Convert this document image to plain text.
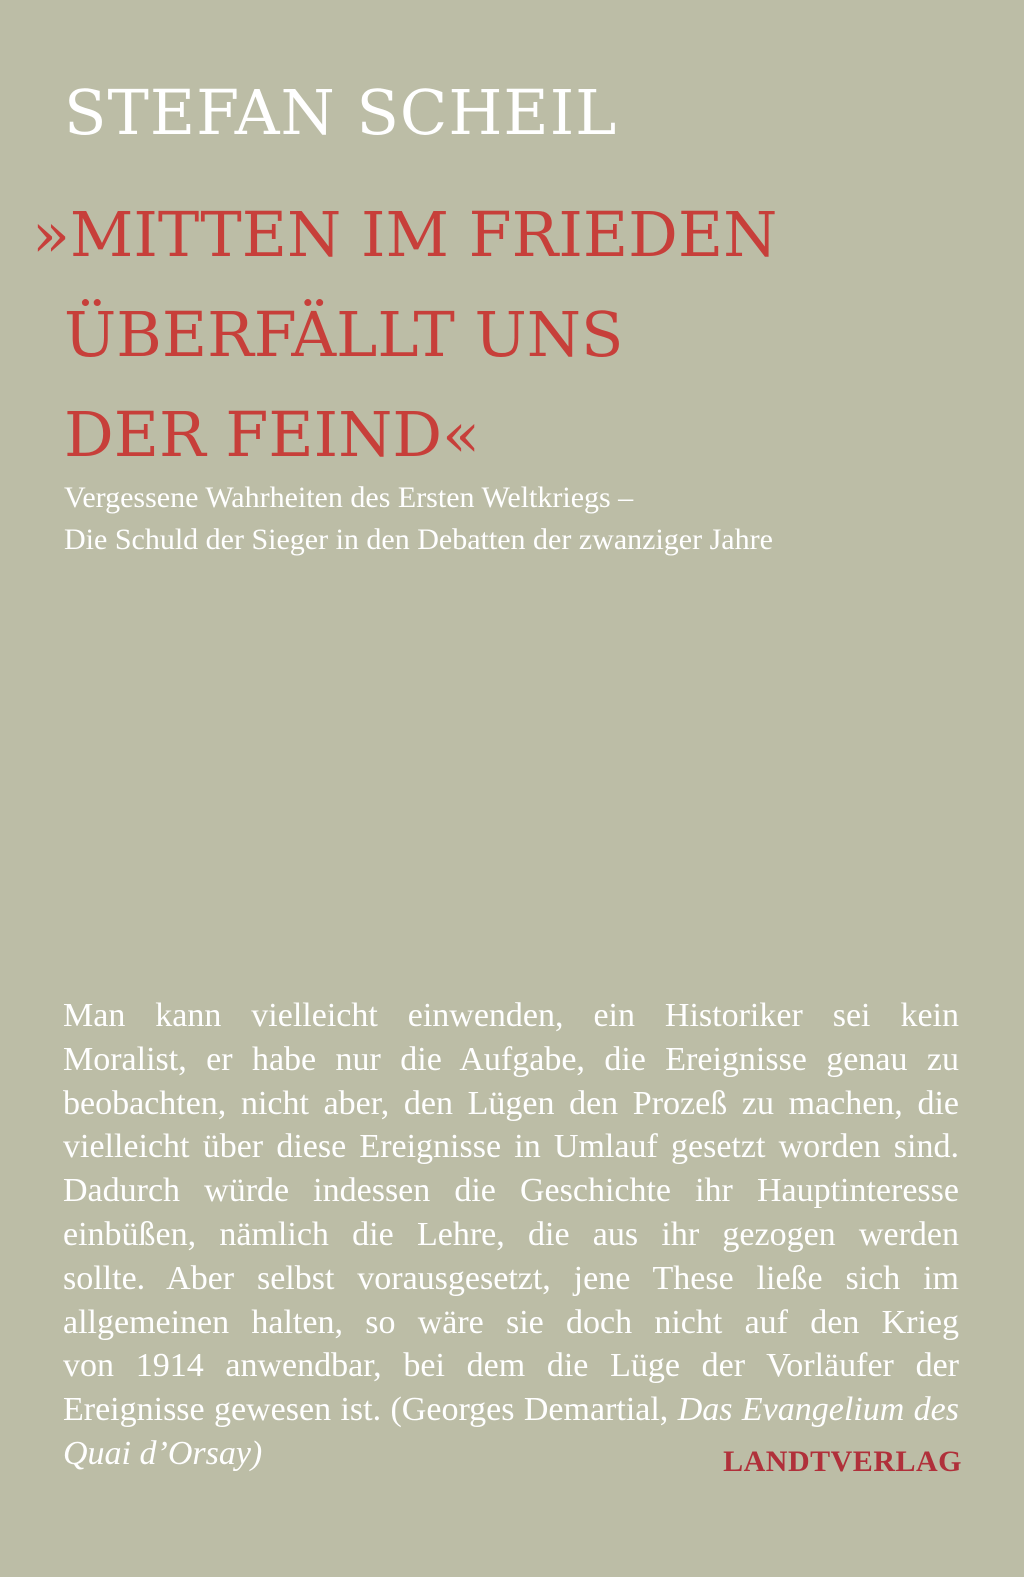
STEFAN SCHEIL
»MITTEN IM FRIEDEN
ÜBERFÄLLT UNS
DER FEIND«
Vergessene Wahrheiten des Ersten Weltkriegs –
Die Schuld der Sieger in den Debatten der zwanziger Jahre
Man kann vielleicht einwenden, ein Historiker sei kein
Moralist, er habe nur die Aufgabe, die Ereignisse genau zu
beobachten, nicht aber, den Lügen den Prozeß zu machen, die
vielleicht über diese Ereignisse in Umlauf gesetzt worden sind.
Dadurch würde indessen die Geschichte ihr Hauptinteresse
einbüßen, nämlich die Lehre, die aus ihr gezogen werden
sollte. Aber selbst vorausgesetzt, jene These ließe sich im
allgemeinen halten, so wäre sie doch nicht auf den Krieg
von 1914 anwendbar, bei dem die Lüge der Vorläufer der
Ereignisse gewesen ist. (Georges Demartial, Das Evangelium des
Quai d’Orsay)	LANDTVERLAG
